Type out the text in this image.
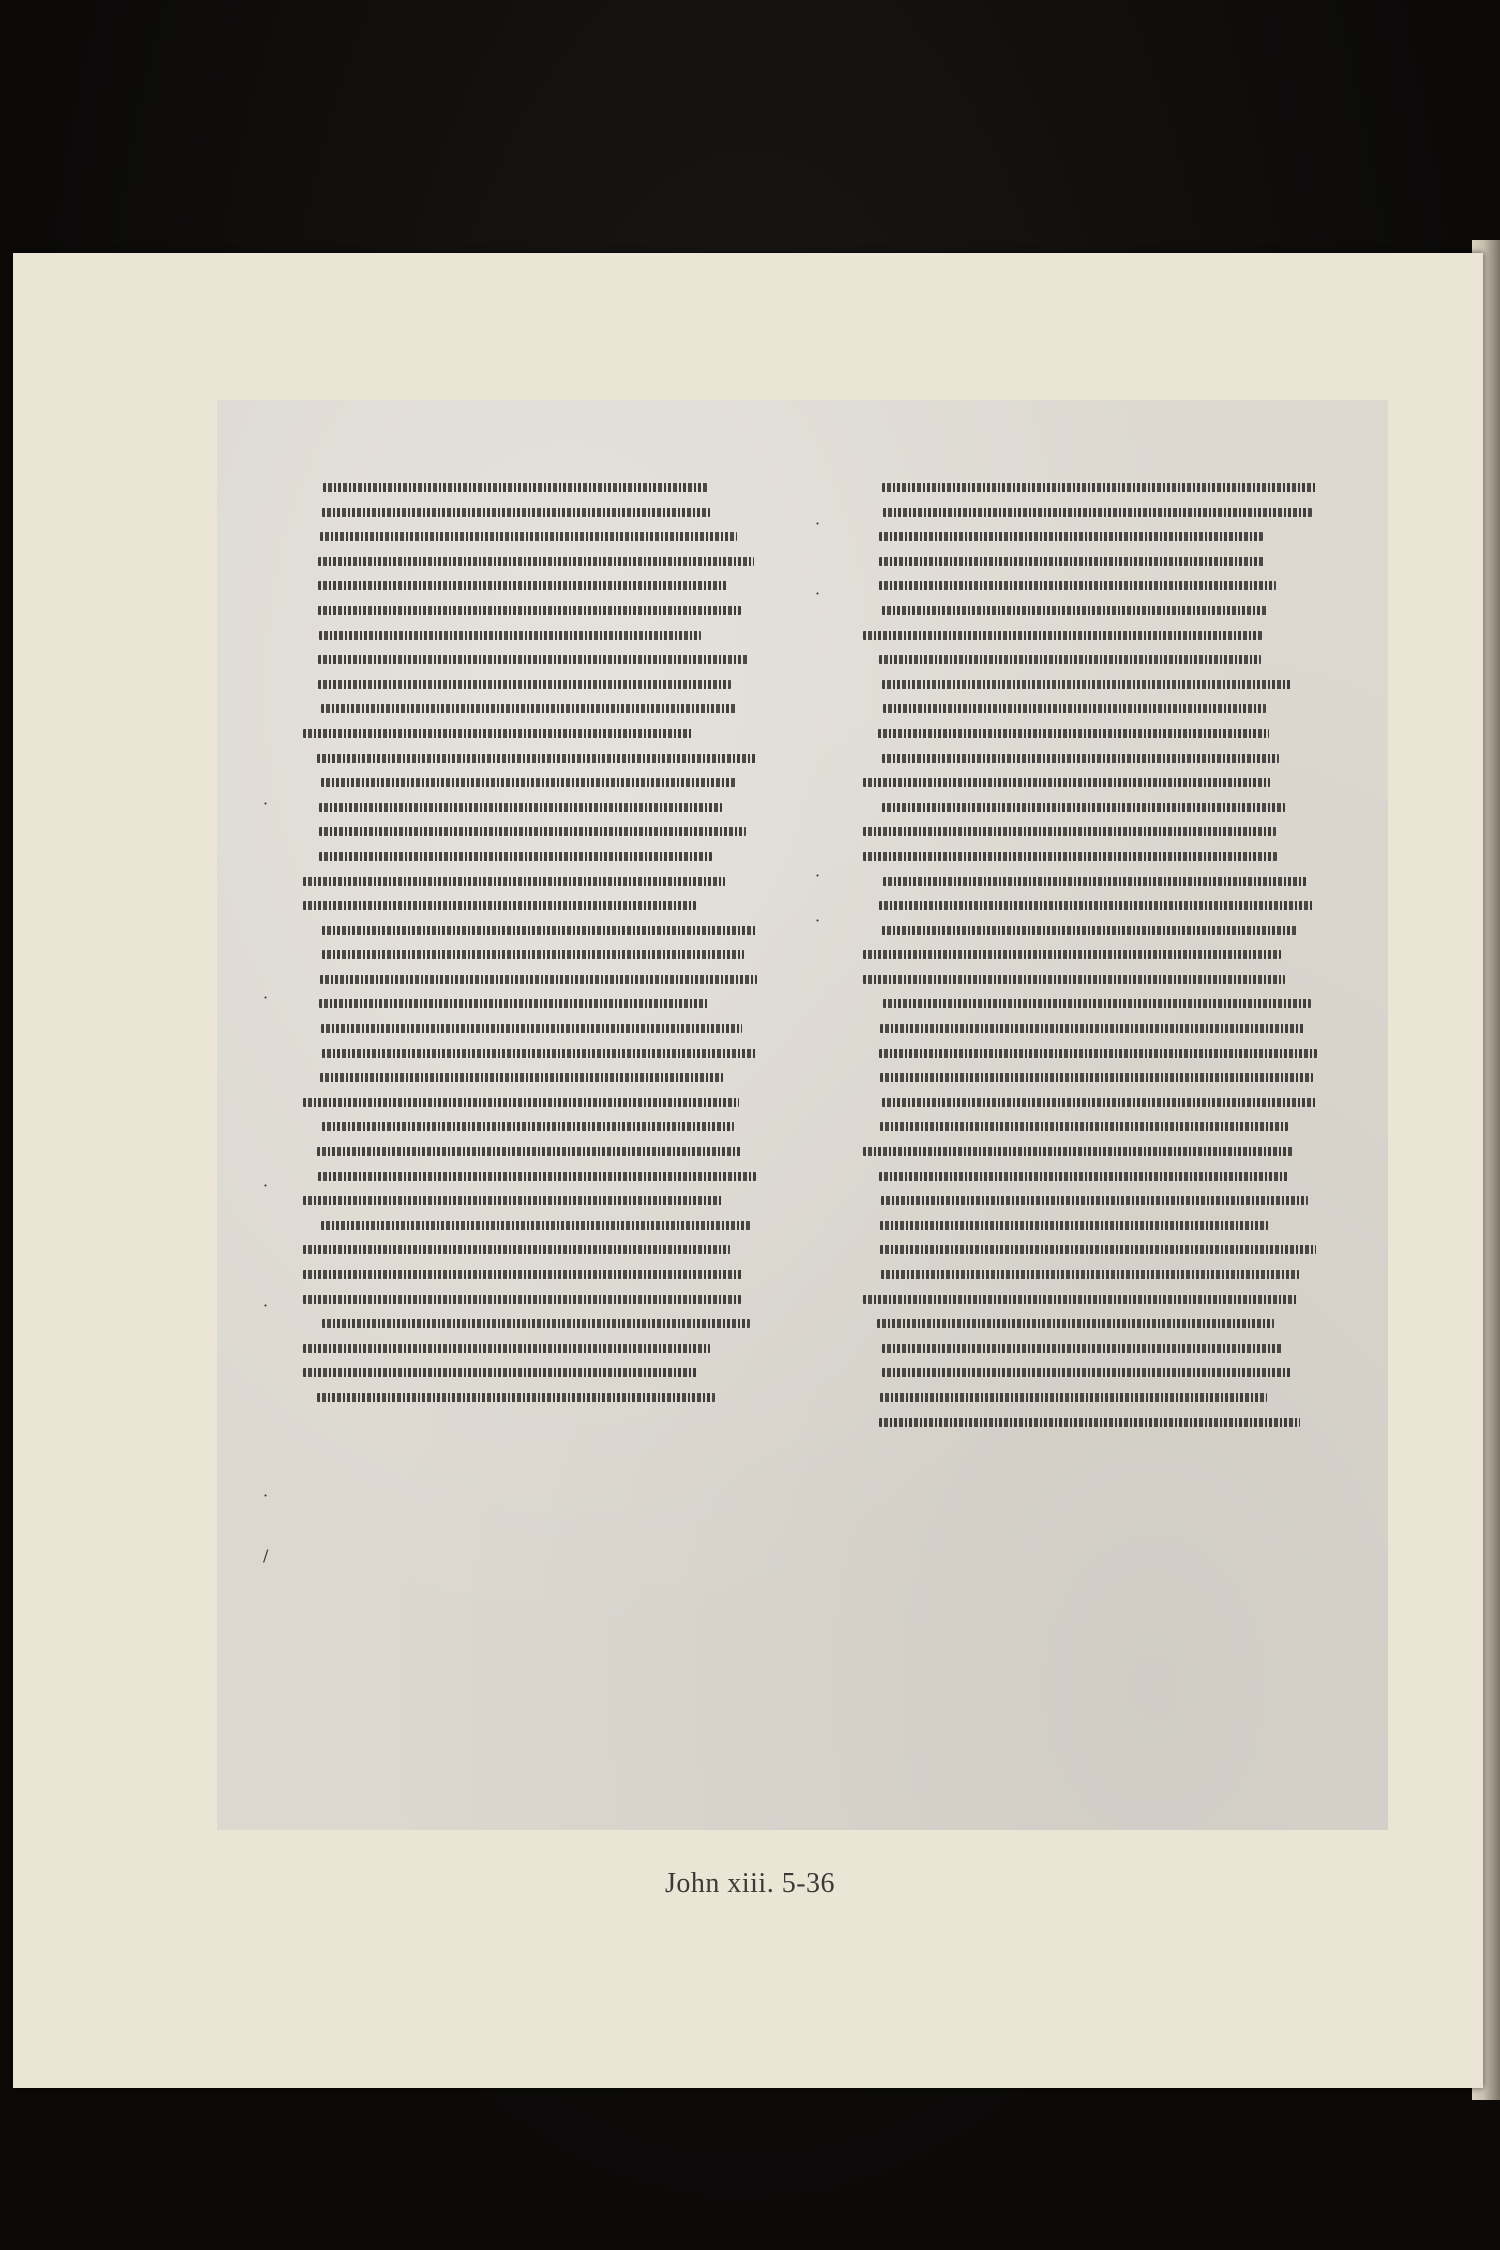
·
·
·
·
·
/
·
·
·
·
John xiii. 5-36
